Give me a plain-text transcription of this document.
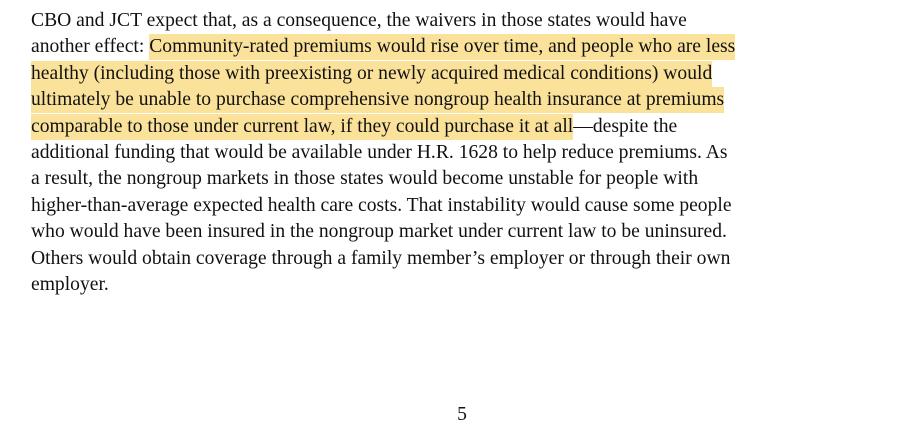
CBO and JCT expect that, as a consequence, the waivers in those states would have
another effect: Community-rated premiums would rise over time, and people who are less
healthy (including those with preexisting or newly acquired medical conditions) would
ultimately be unable to purchase comprehensive nongroup health insurance at premiums
comparable to those under current law, if they could purchase it at all—despite the
additional funding that would be available under H.R. 1628 to help reduce premiums. As
a result, the nongroup markets in those states would become unstable for people with
higher-than-average expected health care costs. That instability would cause some people
who would have been insured in the nongroup market under current law to be uninsured.
Others would obtain coverage through a family member’s employer or through their own
employer.
5
